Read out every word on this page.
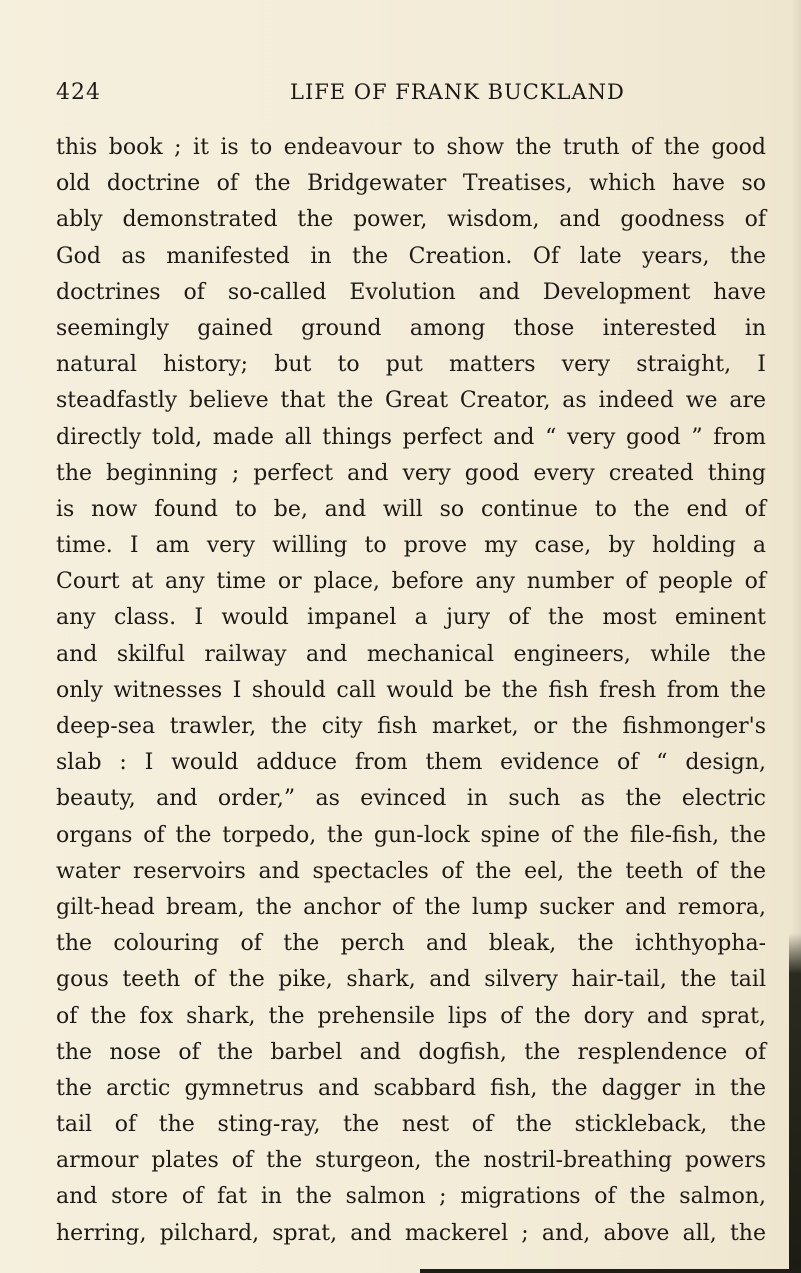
424	LIFE OF FRANK BUCKLAND
this book ; it is to endeavour to show the truth of the good
old doctrine of the Bridgewater Treatises, which have so
ably demonstrated the power, wisdom, and goodness of
God as manifested in the Creation. Of late years, the
doctrines of so-called Evolution and Development have
seemingly gained ground among those interested in
natural history; but to put matters very straight, I
steadfastly believe that the Great Creator, as indeed we are
directly told, made all things perfect and “ very good ” from
the beginning ; perfect and very good every created thing
is now found to be, and will so continue to the end of
time. I am very willing to prove my case, by holding a
Court at any time or place, before any number of people of
any class. I would impanel a jury of the most eminent
and skilful railway and mechanical engineers, while the
only witnesses I should call would be the fish fresh from the
deep-sea trawler, the city fish market, or the fishmonger's
slab : I would adduce from them evidence of “ design,
beauty, and order,” as evinced in such as the electric
organs of the torpedo, the gun-lock spine of the file-fish, the
water reservoirs and spectacles of the eel, the teeth of the
gilt-head bream, the anchor of the lump sucker and remora,
the colouring of the perch and bleak, the ichthyopha-
gous teeth of the pike, shark, and silvery hair-tail, the tail
of the fox shark, the prehensile lips of the dory and sprat,
the nose of the barbel and dogfish, the resplendence of
the arctic gymnetrus and scabbard fish, the dagger in the
tail of the sting-ray, the nest of the stickleback, the
armour plates of the sturgeon, the nostril-breathing powers
and store of fat in the salmon ; migrations of the salmon,
herring, pilchard, sprat, and mackerel ; and, above all, the
